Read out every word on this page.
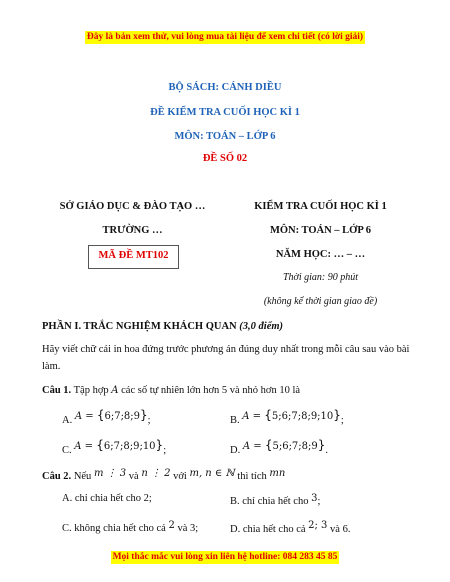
Đây là bản xem thử, vui lòng mua tài liệu để xem chi tiết (có lời giải)
BỘ SÁCH: CÁNH DIỀU
ĐỀ KIỂM TRA CUỐI HỌC KÌ 1
MÔN: TOÁN – LỚP 6
ĐỀ SỐ 02
SỞ GIÁO DỤC & ĐÀO TẠO …
TRƯỜNG …
MÃ ĐỀ MT102
KIỂM TRA CUỐI HỌC KÌ 1
MÔN: TOÁN – LỚP 6
NĂM HỌC: … – …
Thời gian: 90 phút
(không kể thời gian giao đề)
PHẦN I. TRẮC NGHIỆM KHÁCH QUAN (3,0 điểm)
Hãy viết chữ cái in hoa đứng trước phương án đúng duy nhất trong mỗi câu sau vào bài làm.
Câu 1. Tập hợp A các số tự nhiên lớn hơn 5 và nhỏ hơn 10 là
A. A = {6;7;8;9};	B. A = {5;6;7;8;9;10};
C. A = {6;7;8;9;10};	D. A = {5;6;7;8;9}.
Câu 2. Nếu m ⋮ 3 và n ⋮ 2 với m, n ∈ ℕ thì tích mn
A. chỉ chia hết cho 2;	B. chỉ chia hết cho 3;
C. không chia hết cho cả 2 và 3;	D. chia hết cho cả 2; 3 và 6.
Mọi thắc mắc vui lòng xin liên hệ hotline: 084 283 45 85
